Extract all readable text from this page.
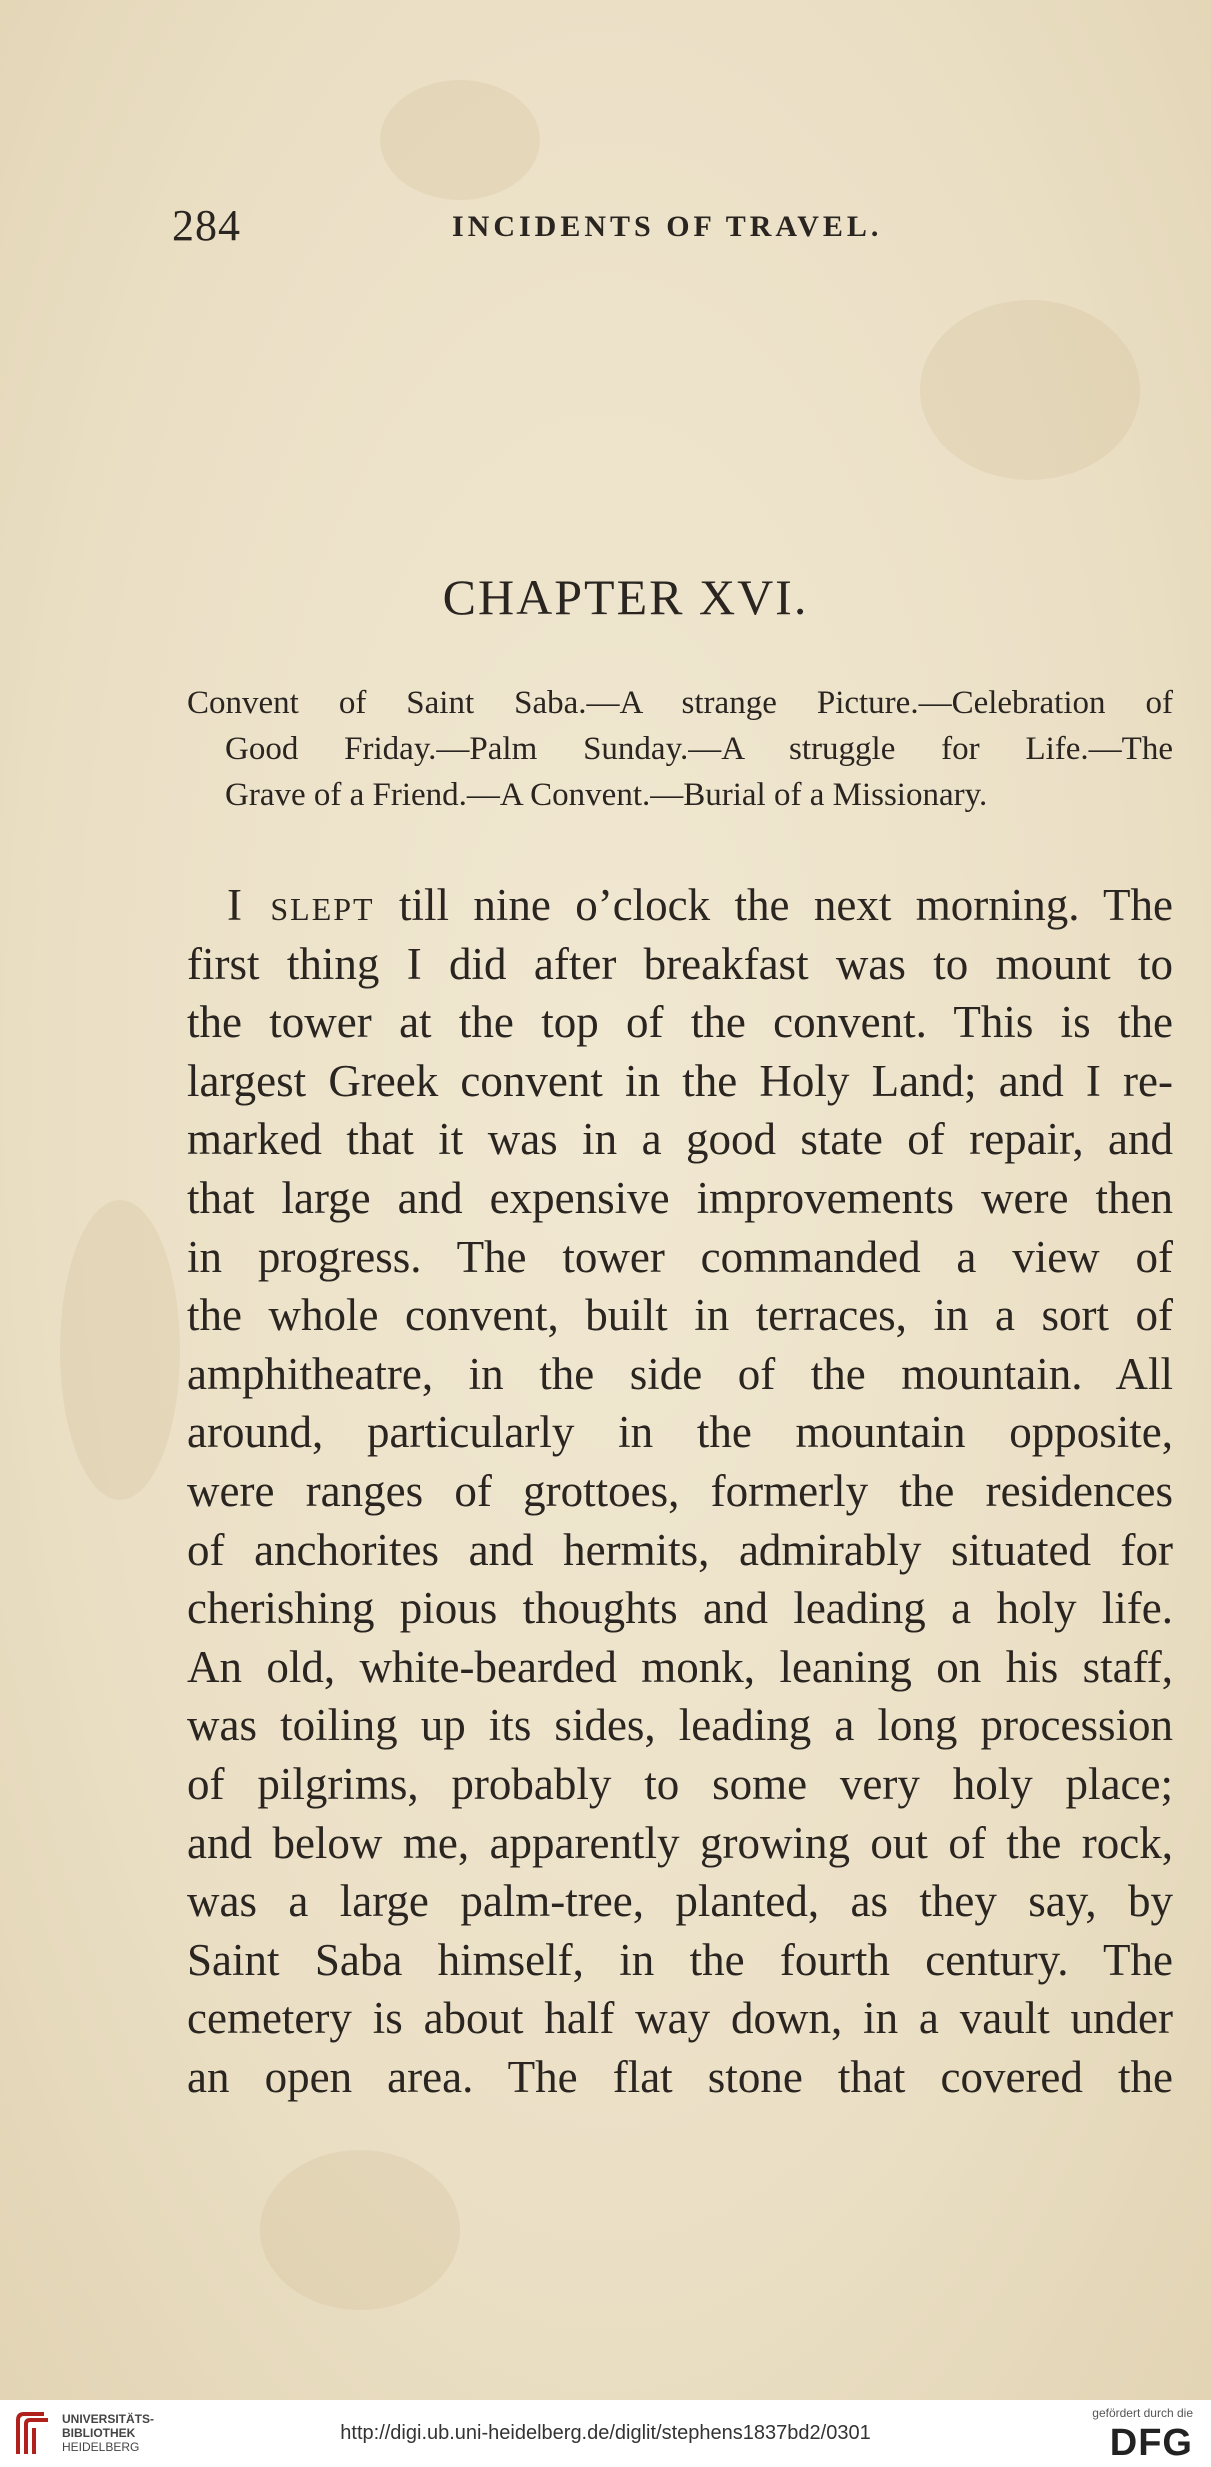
284	INCIDENTS OF TRAVEL.
CHAPTER XVI.
Convent of Saint Saba.—A strange Picture.—Celebration of
Good Friday.—Palm Sunday.—A struggle for Life.—The
Grave of a Friend.—A Convent.—Burial of a Missionary.
I slept till nine o’clock the next morning. The
first thing I did after breakfast was to mount to
the tower at the top of the convent. This is the
largest Greek convent in the Holy Land; and I re-
marked that it was in a good state of repair, and
that large and expensive improvements were then
in progress. The tower commanded a view of
the whole convent, built in terraces, in a sort of
amphitheatre, in the side of the mountain. All
around, particularly in the mountain opposite,
were ranges of grottoes, formerly the residences
of anchorites and hermits, admirably situated for
cherishing pious thoughts and leading a holy life.
An old, white-bearded monk, leaning on his staff,
was toiling up its sides, leading a long procession
of pilgrims, probably to some very holy place;
and below me, apparently growing out of the rock,
was a large palm-tree, planted, as they say, by
Saint Saba himself, in the fourth century. The
cemetery is about half way down, in a vault under
an open area. The flat stone that covered the
UNIVERSITÄTS-
BIBLIOTHEK
HEIDELBERG
http://digi.ub.uni-heidelberg.de/diglit/stephens1837bd2/0301
gefördert durch die
DFG
